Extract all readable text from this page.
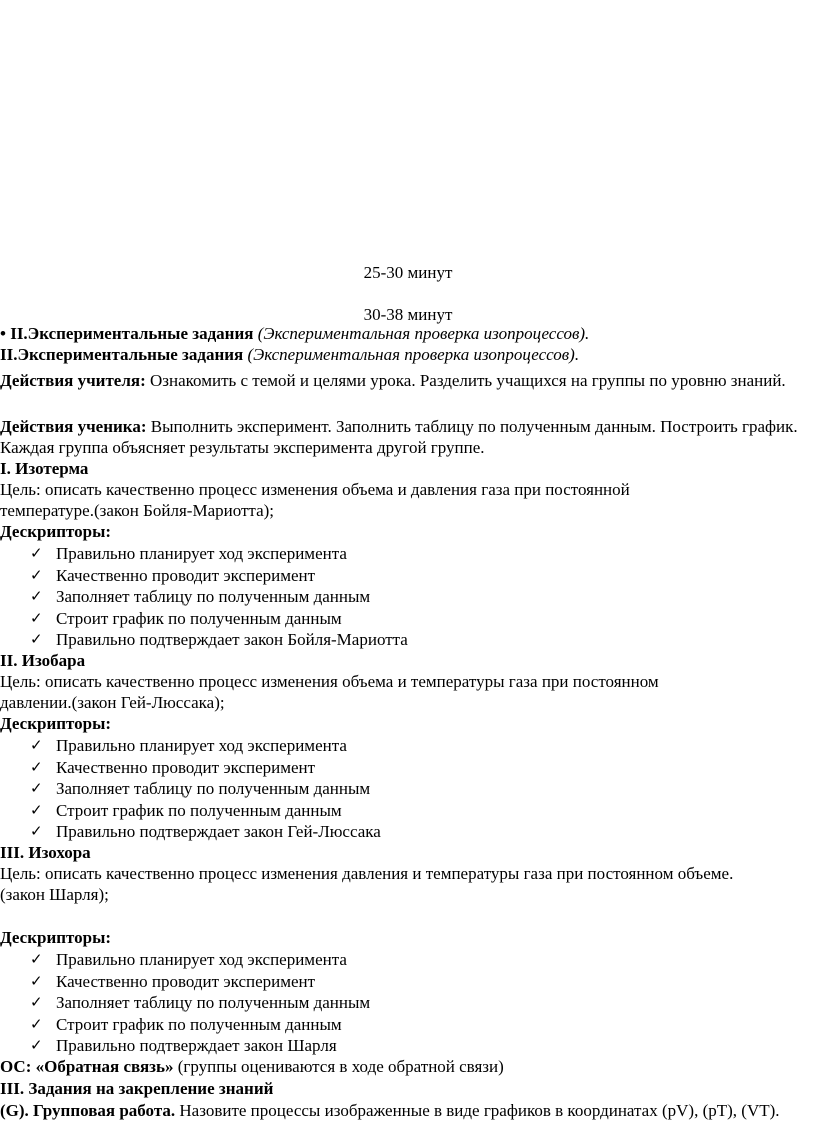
25-30 минут
30-38 минут
• II.Экспериментальные задания (Экспериментальная проверка изопроцессов).
II.Экспериментальные задания (Экспериментальная проверка изопроцессов).
Действия учителя: Ознакомить с темой и целями урока. Разделить учащихся на группы по уровню знаний.
Действия ученика: Выполнить эксперимент. Заполнить таблицу по полученным данным. Построить график. Каждая группа объясняет результаты эксперимента другой группе.
I. Изотерма
Цель: описать качественно процесс изменения объема и давления газа при постоянной температуре.(закон Бойля-Мариотта);
Дескрипторы:
✓ Правильно планирует ход эксперимента
✓ Качественно проводит эксперимент
✓ Заполняет таблицу по полученным данным
✓ Строит график по полученным данным
✓ Правильно подтверждает закон Бойля-Мариотта
II. Изобара
Цель: описать качественно процесс изменения объема и температуры газа при постоянном давлении.(закон Гей-Люссака);
Дескрипторы:
✓ Правильно планирует ход эксперимента
✓ Качественно проводит эксперимент
✓ Заполняет таблицу по полученным данным
✓ Строит график по полученным данным
✓ Правильно подтверждает закон Гей-Люссака
III. Изохора
Цель: описать качественно процесс изменения давления и температуры газа при постоянном объеме.(закон Шарля);
Дескрипторы:
✓ Правильно планирует ход эксперимента
✓ Качественно проводит эксперимент
✓ Заполняет таблицу по полученным данным
✓ Строит график по полученным данным
✓ Правильно подтверждает закон Шарля
ОС: «Обратная связь» (группы оцениваются в ходе обратной связи)
III. Задания на закрепление знаний
(G). Групповая работа. Назовите процессы изображенные в виде графиков в координатах (pV), (pT), (VT).
